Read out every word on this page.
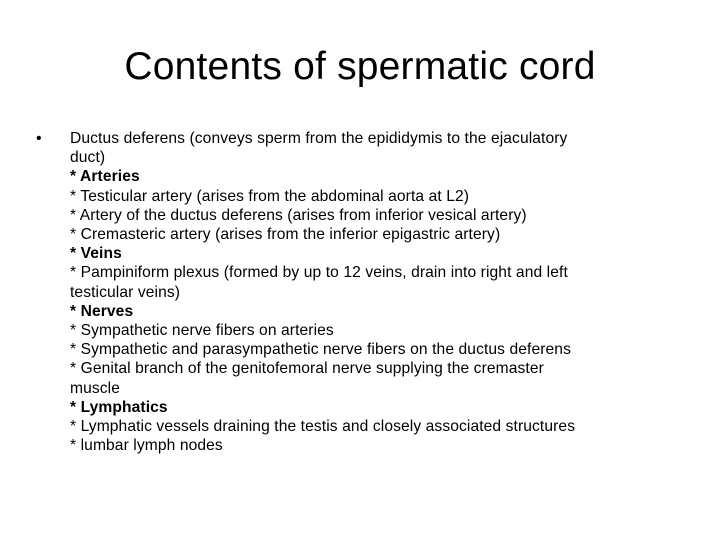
Contents of spermatic cord
•	Ductus deferens (conveys sperm from the epididymis to the ejaculatory
duct)
* Arteries
* Testicular artery (arises from the abdominal aorta at L2)
* Artery of the ductus deferens (arises from inferior vesical artery)
* Cremasteric artery (arises from the inferior epigastric artery)
* Veins
* Pampiniform plexus (formed by up to 12 veins, drain into right and left
testicular veins)
* Nerves
* Sympathetic nerve fibers on arteries
* Sympathetic and parasympathetic nerve fibers on the ductus deferens
* Genital branch of the genitofemoral nerve supplying the cremaster
muscle
* Lymphatics
* Lymphatic vessels draining the testis and closely associated structures
* lumbar lymph nodes
